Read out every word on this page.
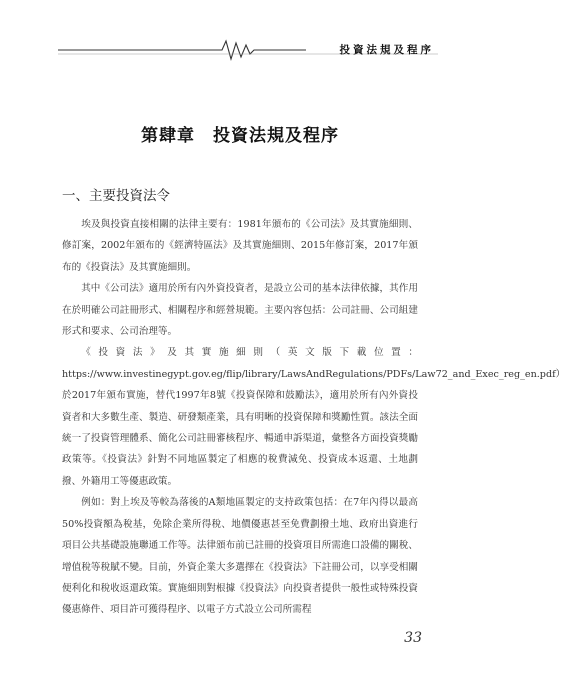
投資法規及程序
第肆章　投資法規及程序
一、主要投資法令

埃及與投資直接相關的法律主要有：1981年頒布的《公司法》及其實施細則、修訂案，2002年頒布的《經濟特區法》及其實施細則、2015年修訂案，2017年頒布的《投資法》及其實施細則。

其中《公司法》適用於所有內外資投資者，是設立公司的基本法律依據，其作用在於明確公司註冊形式、相關程序和經營規範。主要內容包括：公司註冊、公司組建形式和要求、公司治理等。

《投資法》及其實施細則（英文版下載位置：https://www.investinegypt.gov.eg/flip/library/LawsAndRegulations/PDFs/Law72_and_Exec_reg_en.pdf）於2017年頒布實施，替代1997年8號《投資保障和鼓勵法》，適用於所有內外資投資者和大多數生產、製造、研發類產業，具有明晰的投資保障和獎勵性質。該法全面統一了投資管理體系、簡化公司註冊審核程序、暢通申訴渠道，彙整各方面投資獎勵政策等。《投資法》針對不同地區製定了相應的稅費減免、投資成本返還、土地劃撥、外籍用工等優惠政策。

例如：對上埃及等較為落後的A類地區製定的支持政策包括：在7年內得以最高50%投資額為稅基，免除企業所得稅、地價優惠甚至免費劃撥土地、政府出資進行項目公共基礎設施聯通工作等。法律頒布前已註冊的投資項目所需進口設備的關稅、增值稅等稅賦不變。目前，外資企業大多選擇在《投資法》下註冊公司，以享受相關便利化和稅收返還政策。實施細則對根據《投資法》向投資者提供一般性或特殊投資優惠條件、項目許可獲得程序、以電子方式設立公司所需程

33
